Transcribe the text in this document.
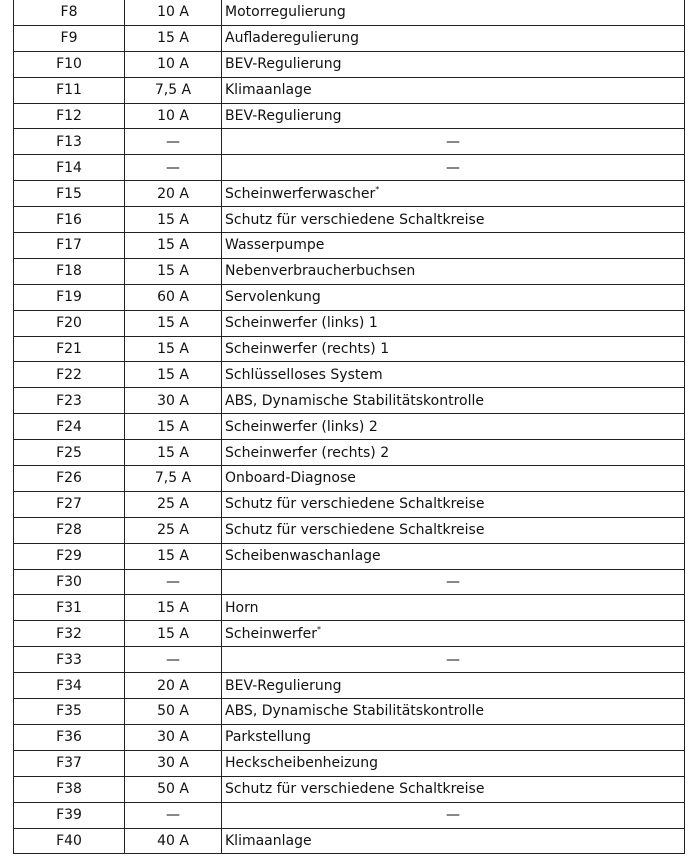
F8	10 A	Motorregulierung
F9	15 A	Aufladeregulierung
F10	10 A	BEV-Regulierung
F11	7,5 A	Klimaanlage
F12	10 A	BEV-Regulierung
F13	—	—
F14	—	—
F15	20 A	Scheinwerferwascher*
F16	15 A	Schutz für verschiedene Schaltkreise
F17	15 A	Wasserpumpe
F18	15 A	Nebenverbraucherbuchsen
F19	60 A	Servolenkung
F20	15 A	Scheinwerfer (links) 1
F21	15 A	Scheinwerfer (rechts) 1
F22	15 A	Schlüsselloses System
F23	30 A	ABS, Dynamische Stabilitätskontrolle
F24	15 A	Scheinwerfer (links) 2
F25	15 A	Scheinwerfer (rechts) 2
F26	7,5 A	Onboard-Diagnose
F27	25 A	Schutz für verschiedene Schaltkreise
F28	25 A	Schutz für verschiedene Schaltkreise
F29	15 A	Scheibenwaschanlage
F30	—	—
F31	15 A	Horn
F32	15 A	Scheinwerfer*
F33	—	—
F34	20 A	BEV-Regulierung
F35	50 A	ABS, Dynamische Stabilitätskontrolle
F36	30 A	Parkstellung
F37	30 A	Heckscheibenheizung
F38	50 A	Schutz für verschiedene Schaltkreise
F39	—	—
F40	40 A	Klimaanlage
